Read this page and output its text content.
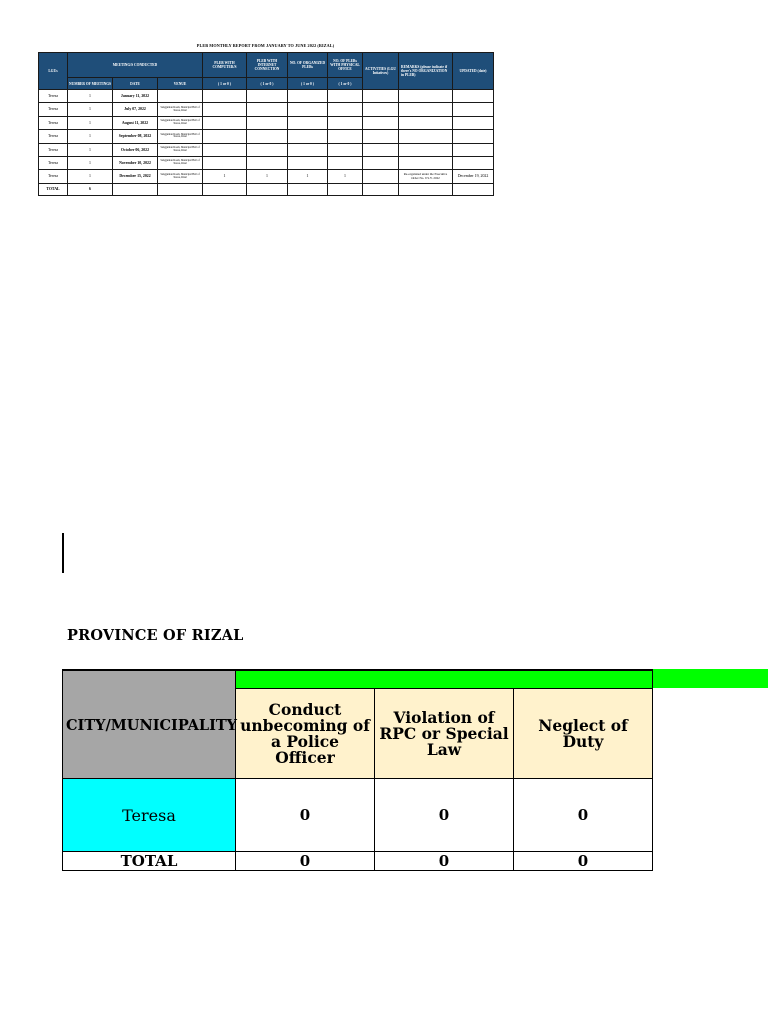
PLEB MONTHLY REPORT FROM JANUARY TO JUNE 2022 (RIZAL)
LGUs	MEETING/S CONDUCTED			PLEB WITH COMPUTER/S	PLEB WITH INTERNET CONNECTION	NO. OF ORGANIZED PLEBs	NO. OF PLEBs WITH PHYSICAL OFFICE	ACTIVITIES (LGU Intiatives)	REMARKS (please indicate if there's NO ORGANIZATION in PLEB)	UPDATED (date)
	NUMBER OF MEETINGS	DATE	VENUE	( 1 or 0 )	( 1 or 0 )	( 1 or 0 )	( 1 or 0 )			
Teresa	1	January 11, 2022								
Teresa	1	July 07, 2022	Sanggunian Room, Municipal Hall of Teresa, Rizal							
Teresa	1	August 11, 2022	Sanggunian Room, Municipal Hall of Teresa, Rizal							
Teresa	1	September 08, 2022	Sanggunian Room, Municipal Hall of Teresa, Rizal							
Teresa	1	October 06, 2022	Sanggunian Room, Municipal Hall of Teresa, Rizal							
Teresa	1	November 10, 2022	Sanggunian Room, Municipal Hall of Teresa, Rizal							
Teresa	1	December 15, 2022	Sanggunian Room, Municipal Hall of Teresa, Rizal	1	1	1	1		Re-organized under the Executive Order No. 9 S.Y. 2022	December 19, 2022
TOTAL	6									
PROVINCE OF RIZAL
CITY/MUNICIPALITY			
	Conduct unbecoming of a Police Officer	Violation of RPC or Special Law	Neglect of Duty
Teresa	0	0	0
TOTAL	0	0	0
